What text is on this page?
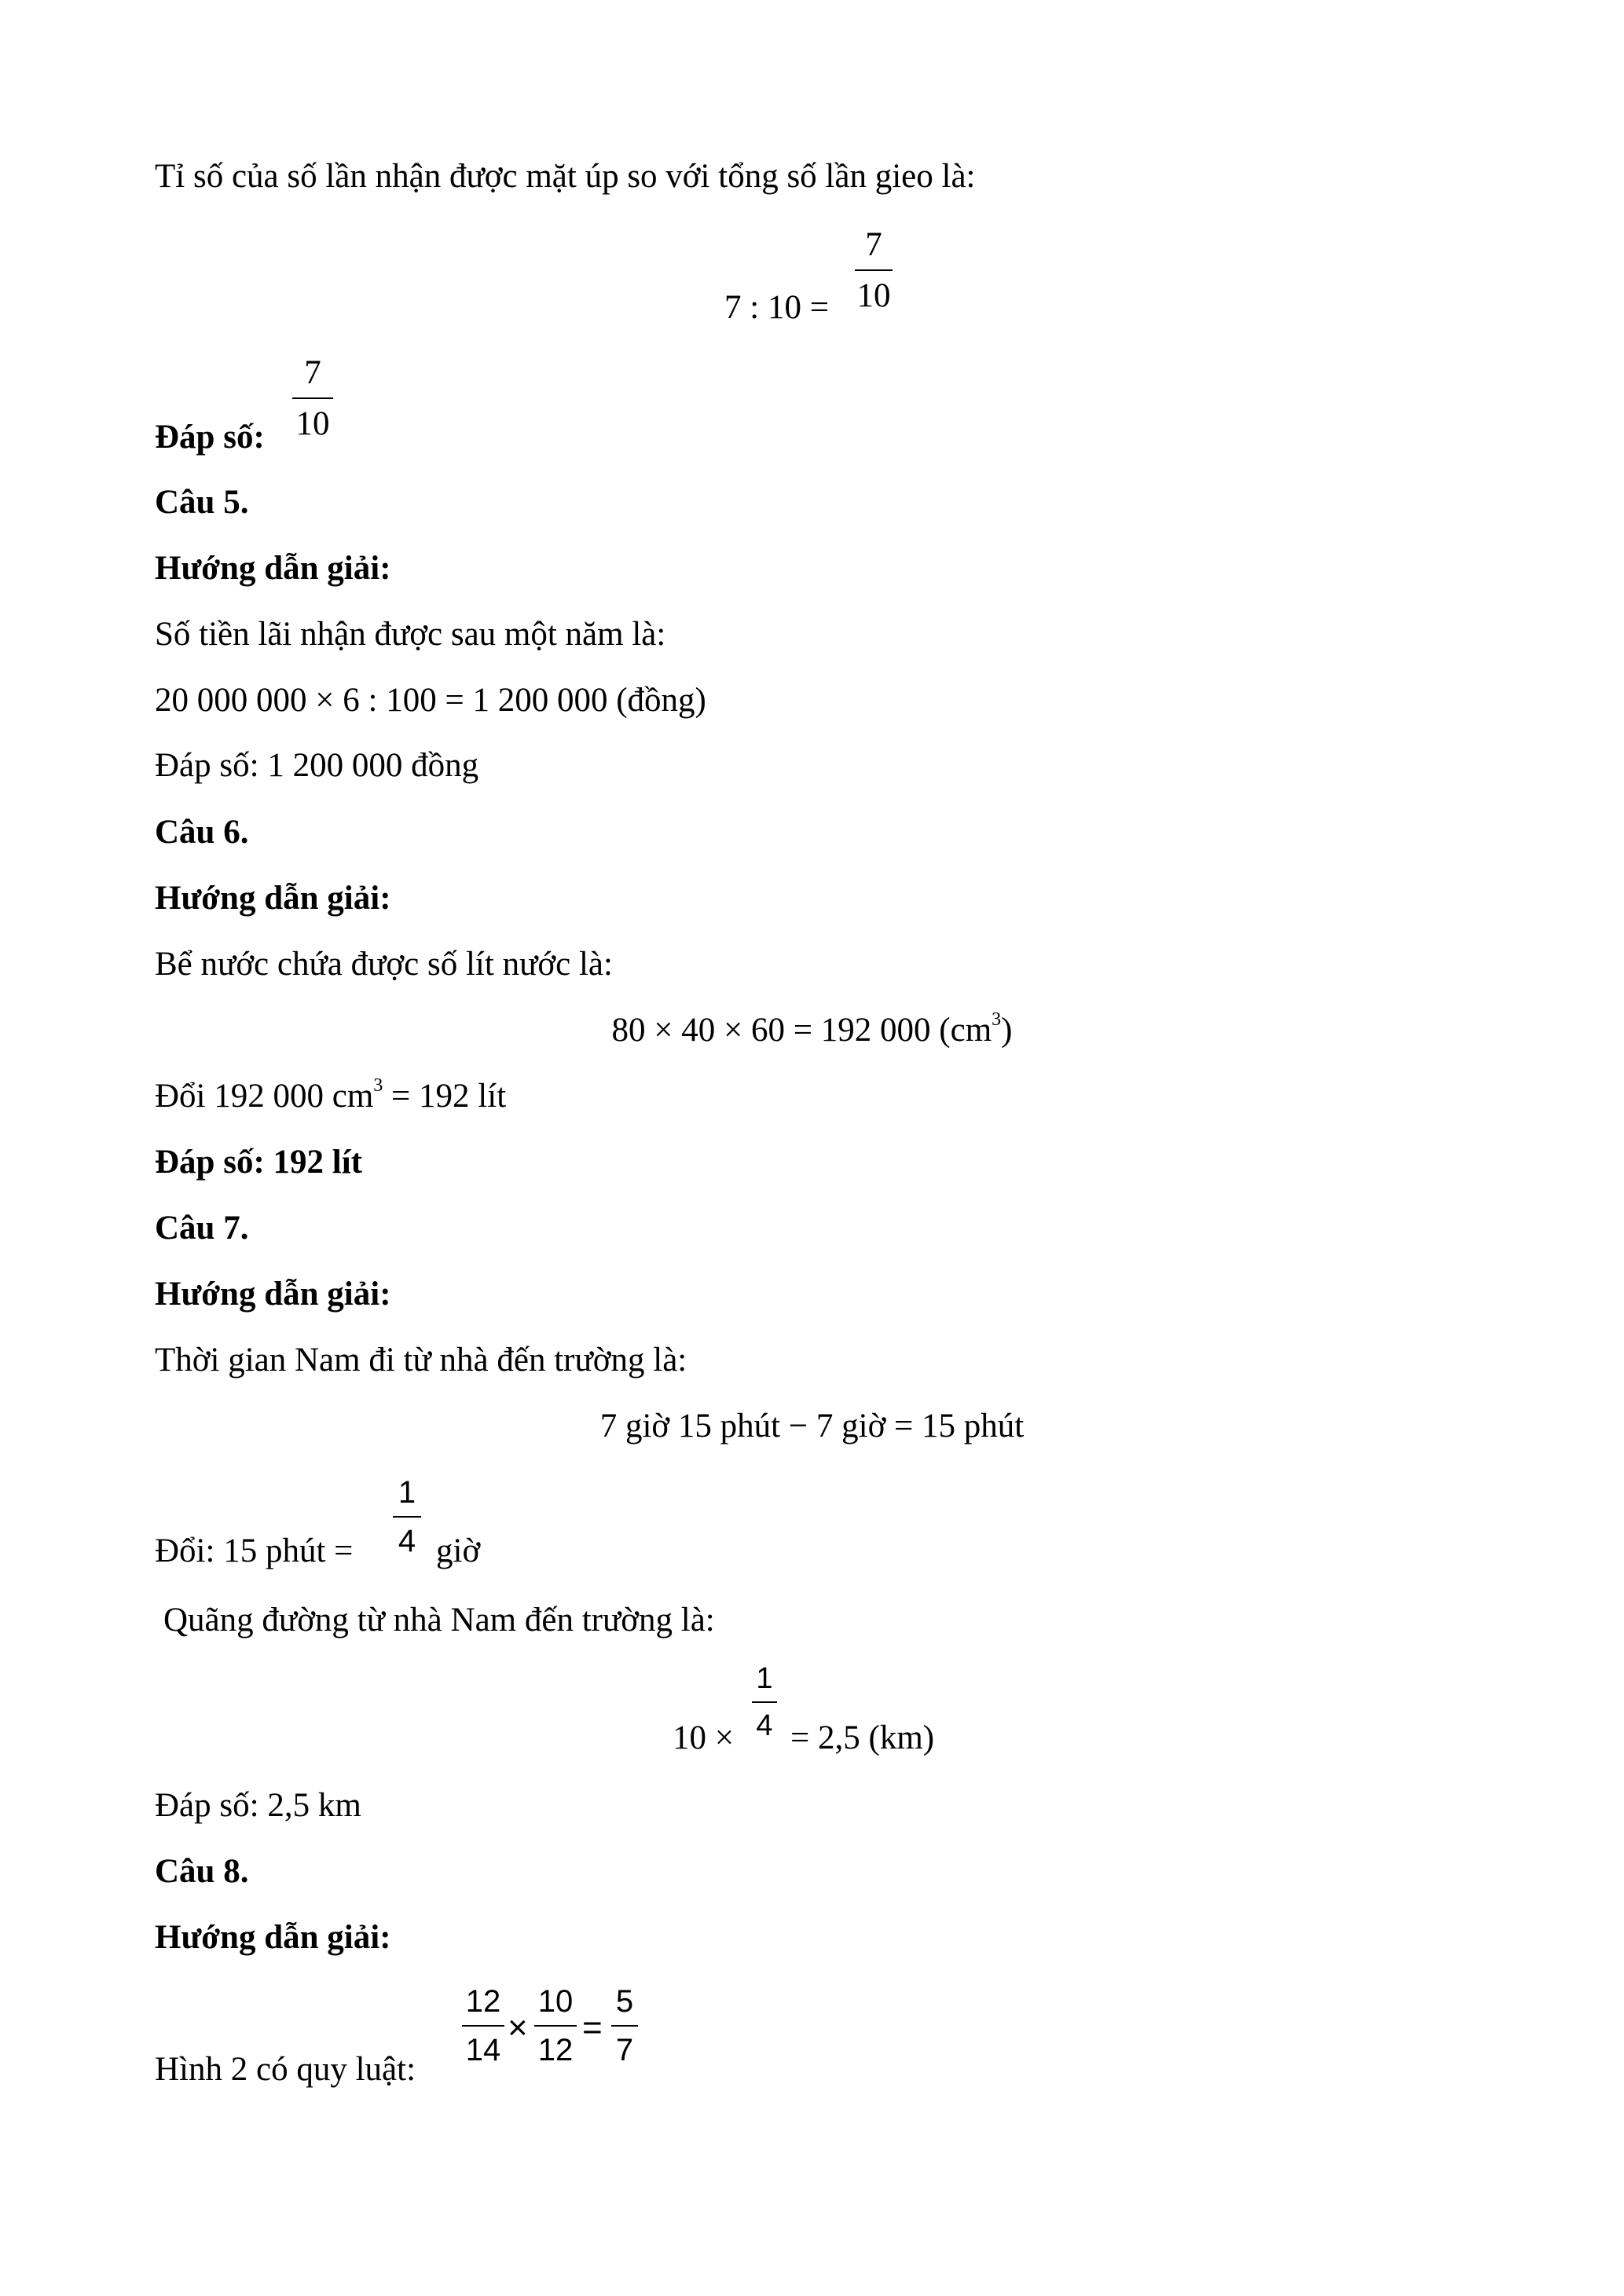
Tỉ số của số lần nhận được mặt úp so với tổng số lần gieo là:
7 : 10 =
7
10
Đáp số:
7
10
Câu 5.
Hướng dẫn giải:
Số tiền lãi nhận được sau một năm là:
20 000 000 × 6 : 100 = 1 200 000 (đồng)
Đáp số: 1 200 000 đồng
Câu 6.
Hướng dẫn giải:
Bể nước chứa được số lít nước là:
80 × 40 × 60 = 192 000 $(cm^3)$
Đổi 192 000 $cm^3 = 192$ lít
Đáp số: 192 lít
Câu 7.
Hướng dẫn giải:
Thời gian Nam đi từ nhà đến trường là:
7 giờ 15 phút − 7 giờ = 15 phút
Đổi: 15 phút =
1
4 giờ
Quãng đường từ nhà Nam đến trường là:
10 ×
1
4 = 2,5 (km)
Đáp số: 2,5 km
Câu 8.
Hướng dẫn giải:
Hình 2 có quy luật:
12
14
×
10
12
=
5
7
